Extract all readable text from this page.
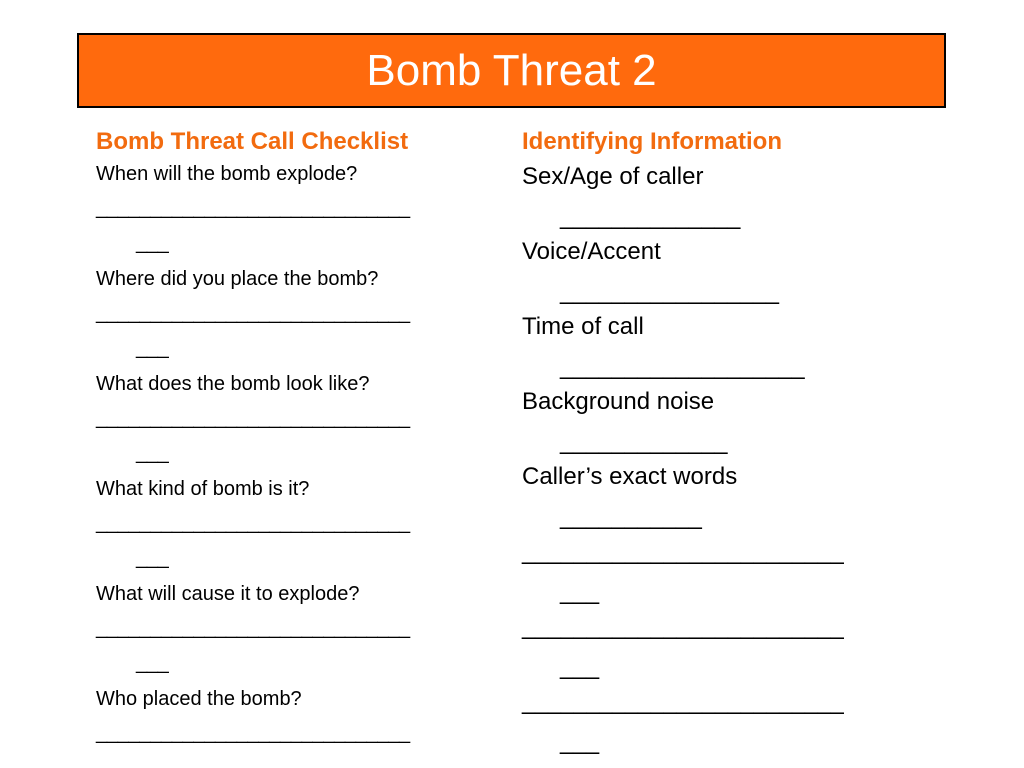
Bomb Threat 2
Bomb Threat Call Checklist
When will the bomb explode?
_____________________________
___
Where did you place the bomb?
_____________________________
___
What does the bomb look like?
_____________________________
___
What kind of bomb is it?
_____________________________
___
What will cause it to explode?
_____________________________
___
Who placed the bomb?
_____________________________
Identifying Information
Sex/Age of caller
______________
Voice/Accent
_________________
Time of call
___________________
Background noise
_____________
Caller’s exact words
___________
_________________________
___
_________________________
___
_________________________
___
